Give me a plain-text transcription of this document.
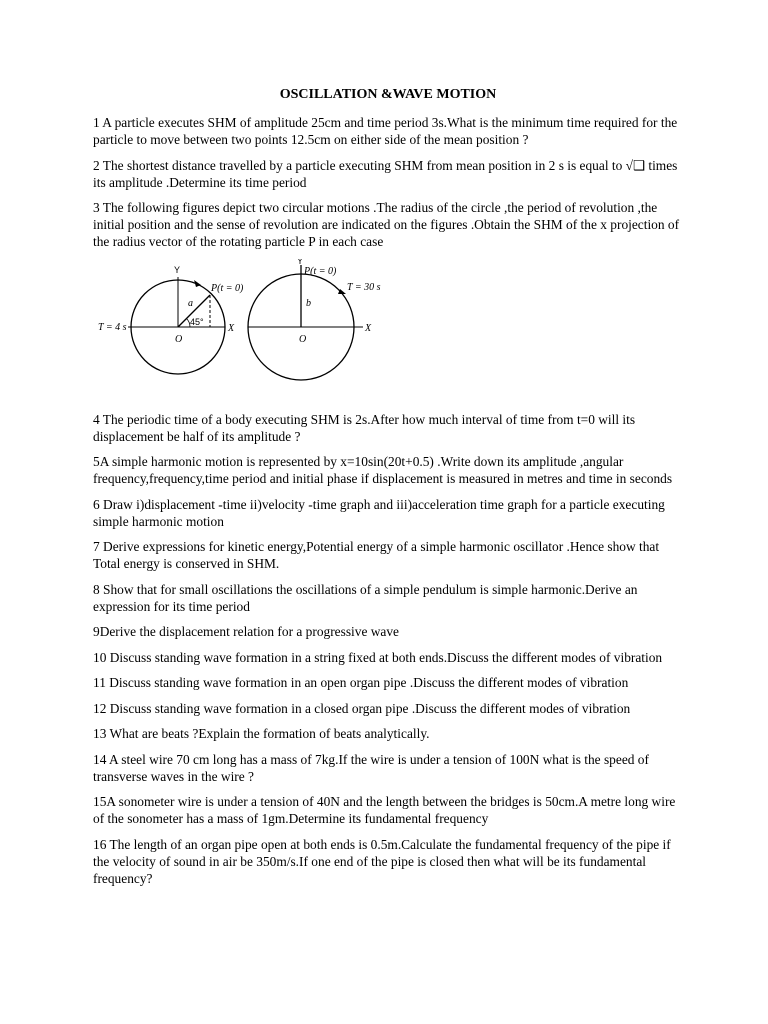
OSCILLATION &WAVE MOTION

1 A particle executes SHM of amplitude 25cm and time period 3s.What is the minimum time required for the particle to move between two points 12.5cm on either side of the mean position ?

2 The shortest distance travelled by a particle executing SHM from mean position in 2 s is equal to √❑ times its amplitude .Determine its time period

3 The following figures depict two circular motions .The radius of the circle ,the period of revolution ,the initial position and the sense of revolution are indicated on the figures .Obtain the SHM of the x projection of the radius vector of the rotating particle P in each case

Y
P(t = 0)
a
45°
T = 4 s	X
O
Y
P(t = 0)
T = 30 s
b
X
O

4 The periodic time of a body executing SHM is 2s.After how much interval of time from t=0 will its displacement be half of its amplitude ?

5A simple harmonic motion is represented by x=10sin(20t+0.5) .Write down its amplitude ,angular frequency,frequency,time period and initial phase if displacement is measured in metres and time in seconds

6 Draw i)displacement -time ii)velocity -time graph and iii)acceleration time graph for a particle executing simple harmonic motion

7 Derive expressions for kinetic energy,Potential energy of a simple harmonic oscillator .Hence show that Total energy is conserved in SHM.

8 Show that for small oscillations the oscillations of a simple pendulum is simple harmonic.Derive an expression for its time period

9Derive the displacement relation for a progressive wave

10 Discuss standing wave formation in a string fixed at both ends.Discuss the different modes of vibration

11 Discuss standing wave formation in an open organ pipe .Discuss the different modes of vibration

12 Discuss standing wave formation in a closed organ pipe .Discuss the different modes of vibration

13 What are beats ?Explain the formation of beats analytically.

14 A steel wire 70 cm long has a mass of 7kg.If the wire is under a tension of 100N what is the speed of transverse waves in the wire ?

15A sonometer wire is under a tension of 40N and the length between the bridges is 50cm.A metre long wire of the sonometer has a mass of 1gm.Determine its fundamental frequency

16 The length of an organ pipe open at both ends is 0.5m.Calculate the fundamental frequency of the pipe if the velocity of sound in air be 350m/s.If one end of the pipe is closed then what will be its fundamental frequency?
